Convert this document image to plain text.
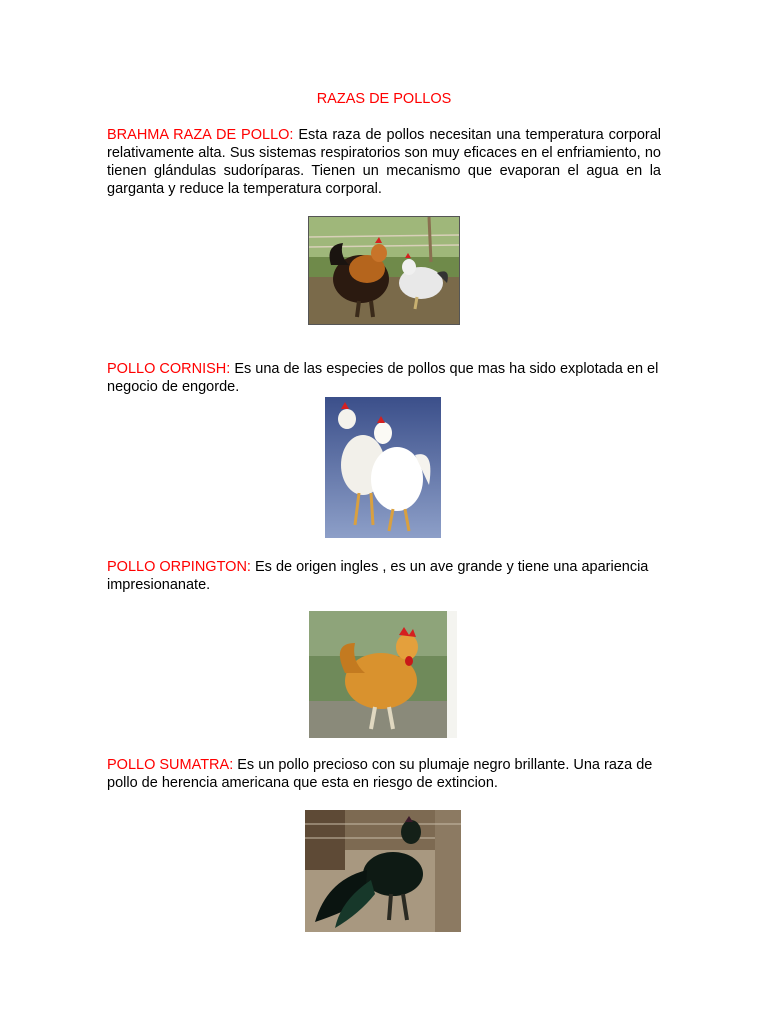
RAZAS DE POLLOS
BRAHMA RAZA DE POLLO: Esta raza de pollos necesitan una temperatura corporal relativamente alta. Sus sistemas respiratorios son muy eficaces en el enfriamiento, no tienen glándulas sudoríparas. Tienen un mecanismo que evaporan el agua en la garganta y reduce la temperatura corporal.
POLLO CORNISH: Es una de las especies de pollos que mas ha sido explotada en el negocio de engorde.
POLLO ORPINGTON: Es de origen ingles , es un ave grande y tiene una apariencia impresionanate.
POLLO SUMATRA: Es un pollo precioso con su plumaje negro brillante. Una raza de pollo de herencia americana que esta en riesgo de extincion.
